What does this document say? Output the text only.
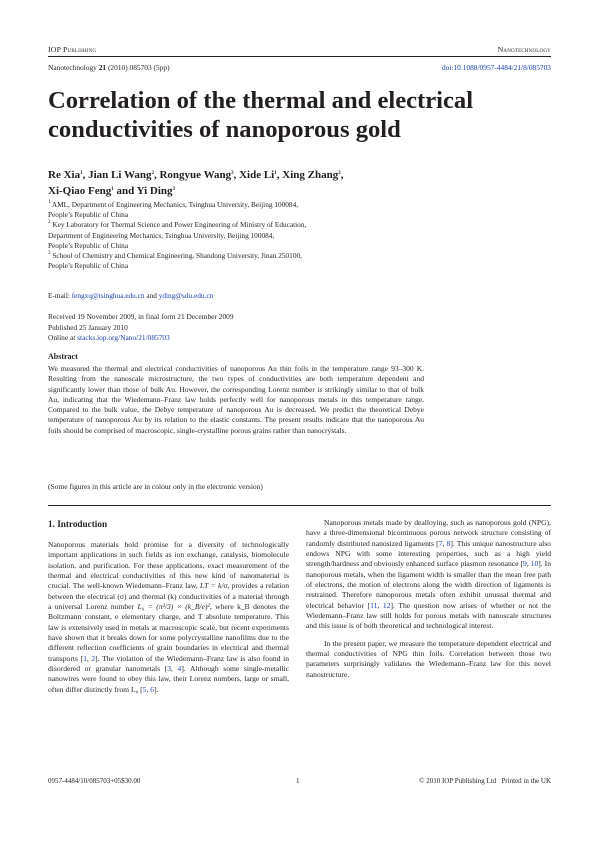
IOP Publishing	Nanotechnology
Nanotechnology 21 (2010) 085703 (5pp)	doi:10.1088/0957-4484/21/8/085703
Correlation of the thermal and electrical conductivities of nanoporous gold
Re Xia$^1$, Jian Li Wang$^2$, Rongyue Wang$^3$, Xide Li$^1$, Xing Zhang$^2$,
Xi-Qiao Feng$^1$ and Yi Ding$^3$
$^1$ AML, Department of Engineering Mechanics, Tsinghua University, Beijing 100084,
People’s Republic of China
$^2$ Key Laboratory for Thermal Science and Power Engineering of Ministry of Education,
Department of Engineering Mechanics, Tsinghua University, Beijing 100084,
People’s Republic of China
$^3$ School of Chemistry and Chemical Engineering, Shandong University, Jinan 250100,
People’s Republic of China
E-mail: fengxq@tsinghua.edu.cn and yding@sdu.edu.cn
Received 19 November 2009, in final form 21 December 2009
Published 25 January 2010
Online at stacks.iop.org/Nano/21/085703
Abstract
We measured the thermal and electrical conductivities of nanoporous Au thin foils in the temperature range 93–300 K. Resulting from the nanoscale microstructure, the two types of conductivities are both temperature dependent and significantly lower than those of bulk Au. However, the corresponding Lorenz number is strikingly similar to that of bulk Au, indicating that the Wiedemann–Franz law holds perfectly well for nanoporous metals in this temperature range. Compared to the bulk value, the Debye temperature of nanoporous Au is decreased. We predict the theoretical Debye temperature of nanoporous Au by its relation to the elastic constants. The present results indicate that the nanoporous Au foils should be comprised of macroscopic, single-crystalline porous grains rather than nanocrystals.
(Some figures in this article are in colour only in the electronic version)
1. Introduction
Nanoporous materials hold promise for a diversity of technologically important applications in such fields as ion exchange, catalysis, biomolecule isolation, and purification. For these applications, exact measurement of the thermal and electrical conductivities of this new kind of nanomaterial is crucial. The well-known Wiedemann–Franz law, LT = k/σ, provides a relation between the electrical (σ) and thermal (k) conductivities of a material through a universal Lorenz number L₀ = (π²/3) × (k_B/e)², where k_B denotes the Boltzmann constant, e elementary charge, and T absolute temperature. This law is extensively used in metals at macroscopic scale, but recent experiments have shown that it breaks down for some polycrystalline nanofilms due to the different reflection coefficients of grain boundaries in electrical and thermal transports [1, 2]. The violation of the Wiedemann–Franz law is also found in disordered or granular nanometals [3, 4]. Although some single-metallic nanowires were found to obey this law, their Lorenz numbers, large or small, often differ distinctly from L₀ [5, 6].

Nanoporous metals made by dealloying, such as nanoporous gold (NPG), have a three-dimensional bicontinuous porous network structure consisting of randomly distributed nanosized ligaments [7, 8]. This unique nanostructure also endows NPG with some interesting properties, such as a high yield strength/hardness and obviously enhanced surface plasmon resonance [9, 10]. In nanoporous metals, when the ligament width is smaller than the mean free path of electrons, the motion of electrons along the width direction of ligaments is restrained. Therefore nanoporous metals often exhibit unusual thermal and electrical behavior [11, 12]. The question now arises of whether or not the Wiedemann–Franz law still holds for porous metals with nanoscale structures and this issue is of both theoretical and technological interest.

In the present paper, we measure the temperature dependent electrical and thermal conductivities of NPG thin foils. Correlation between those two parameters surprisingly validates the Wiedemann–Franz law for this novel nanostructure.

0957-4484/10/085703+05$30.00	1	© 2010 IOP Publishing Ltd   Printed in the UK
